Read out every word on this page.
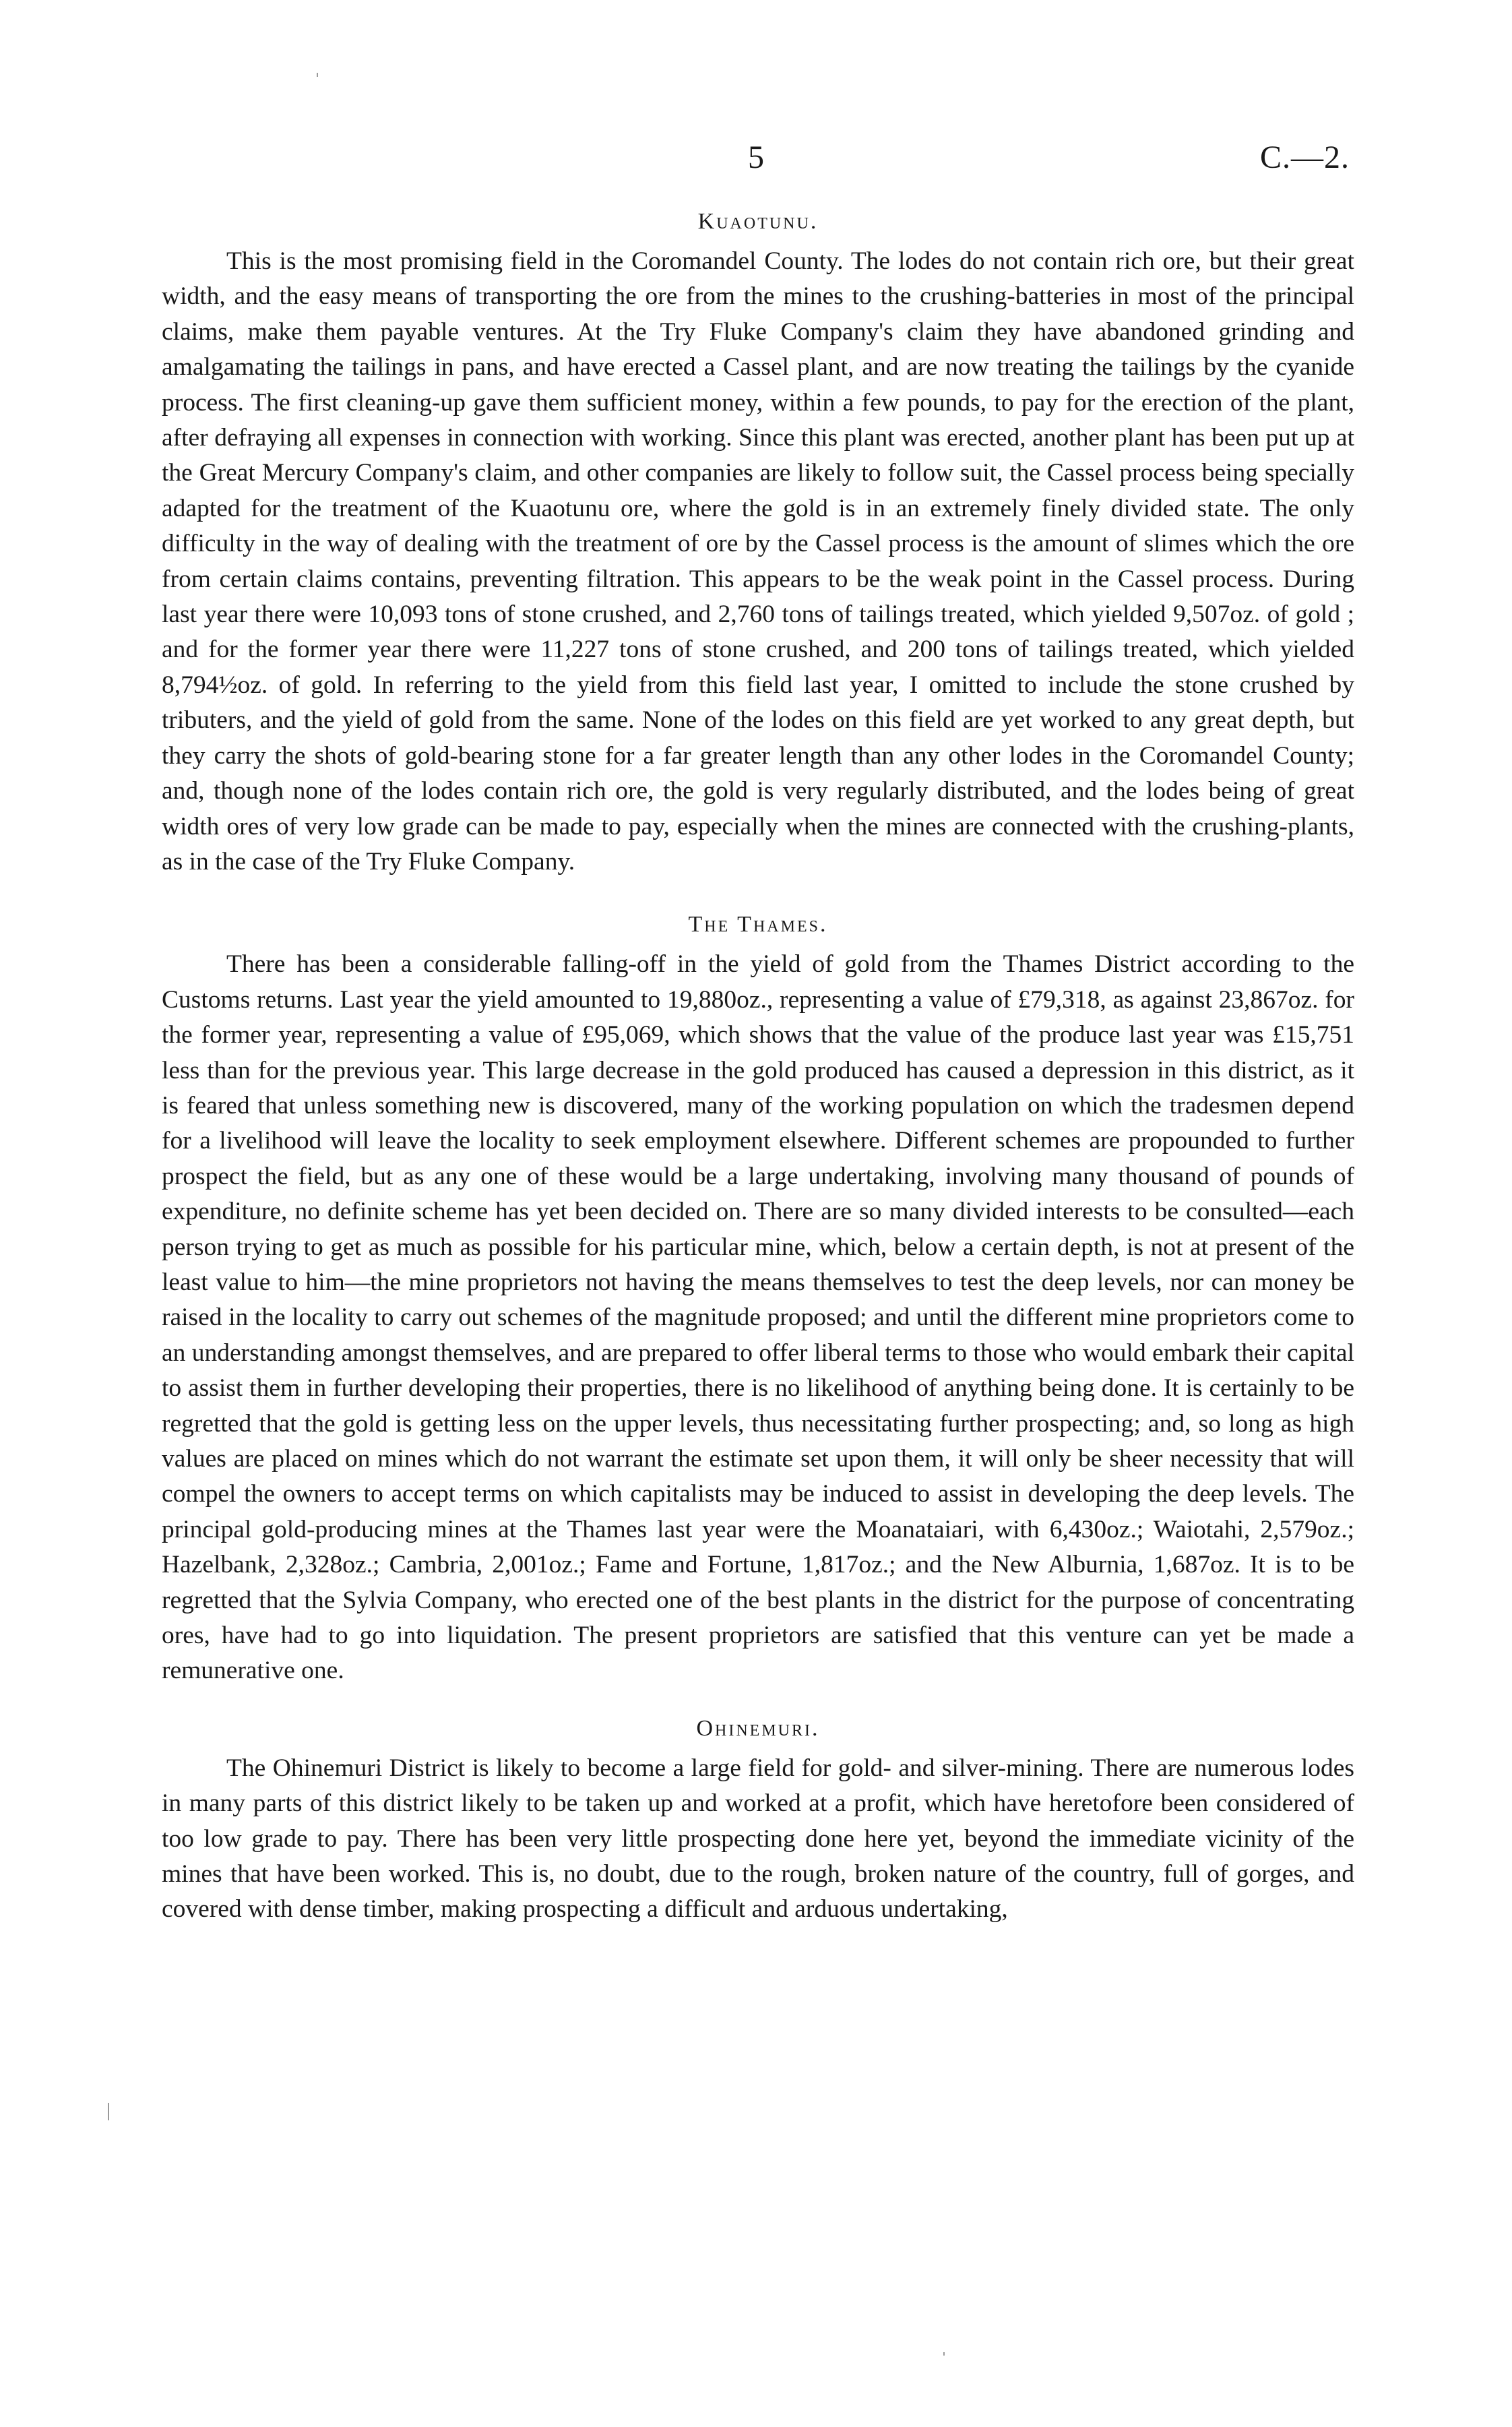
5	C.—2.
Kuaotunu.

This is the most promising field in the Coromandel County. The lodes do not contain rich ore, but their great width, and the easy means of transporting the ore from the mines to the crushing-batteries in most of the principal claims, make them payable ventures. At the Try Fluke Company's claim they have abandoned grinding and amalgamating the tailings in pans, and have erected a Cassel plant, and are now treating the tailings by the cyanide process. The first cleaning-up gave them sufficient money, within a few pounds, to pay for the erection of the plant, after defraying all expenses in connection with working. Since this plant was erected, another plant has been put up at the Great Mercury Company's claim, and other companies are likely to follow suit, the Cassel process being specially adapted for the treatment of the Kuaotunu ore, where the gold is in an extremely finely divided state. The only difficulty in the way of dealing with the treatment of ore by the Cassel process is the amount of slimes which the ore from certain claims contains, preventing filtration. This appears to be the weak point in the Cassel process. During last year there were 10,093 tons of stone crushed, and 2,760 tons of tailings treated, which yielded 9,507oz. of gold ; and for the former year there were 11,227 tons of stone crushed, and 200 tons of tailings treated, which yielded 8,794½oz. of gold. In referring to the yield from this field last year, I omitted to include the stone crushed by tributers, and the yield of gold from the same. None of the lodes on this field are yet worked to any great depth, but they carry the shots of gold-bearing stone for a far greater length than any other lodes in the Coromandel County; and, though none of the lodes contain rich ore, the gold is very regularly distributed, and the lodes being of great width ores of very low grade can be made to pay, especially when the mines are connected with the crushing-plants, as in the case of the Try Fluke Company.

The Thames.

There has been a considerable falling-off in the yield of gold from the Thames District according to the Customs returns. Last year the yield amounted to 19,880oz., representing a value of £79,318, as against 23,867oz. for the former year, representing a value of £95,069, which shows that the value of the produce last year was £15,751 less than for the previous year. This large decrease in the gold produced has caused a depression in this district, as it is feared that unless something new is discovered, many of the working population on which the tradesmen depend for a livelihood will leave the locality to seek employment elsewhere. Different schemes are propounded to further prospect the field, but as any one of these would be a large undertaking, involving many thousand of pounds of expenditure, no definite scheme has yet been decided on. There are so many divided interests to be consulted—each person trying to get as much as possible for his particular mine, which, below a certain depth, is not at present of the least value to him—the mine proprietors not having the means themselves to test the deep levels, nor can money be raised in the locality to carry out schemes of the magnitude proposed; and until the different mine proprietors come to an understanding amongst themselves, and are prepared to offer liberal terms to those who would embark their capital to assist them in further developing their properties, there is no likelihood of anything being done. It is certainly to be regretted that the gold is getting less on the upper levels, thus necessitating further prospecting; and, so long as high values are placed on mines which do not warrant the estimate set upon them, it will only be sheer necessity that will compel the owners to accept terms on which capitalists may be induced to assist in developing the deep levels. The principal gold-producing mines at the Thames last year were the Moanataiari, with 6,430oz.; Waiotahi, 2,579oz.; Hazelbank, 2,328oz.; Cambria, 2,001oz.; Fame and Fortune, 1,817oz.; and the New Alburnia, 1,687oz. It is to be regretted that the Sylvia Company, who erected one of the best plants in the district for the purpose of concentrating ores, have had to go into liquidation. The present proprietors are satisfied that this venture can yet be made a remunerative one.

Ohinemuri.

The Ohinemuri District is likely to become a large field for gold- and silver-mining. There are numerous lodes in many parts of this district likely to be taken up and worked at a profit, which have heretofore been considered of too low grade to pay. There has been very little prospecting done here yet, beyond the immediate vicinity of the mines that have been worked. This is, no doubt, due to the rough, broken nature of the country, full of gorges, and covered with dense timber, making prospecting a difficult and arduous undertaking,
